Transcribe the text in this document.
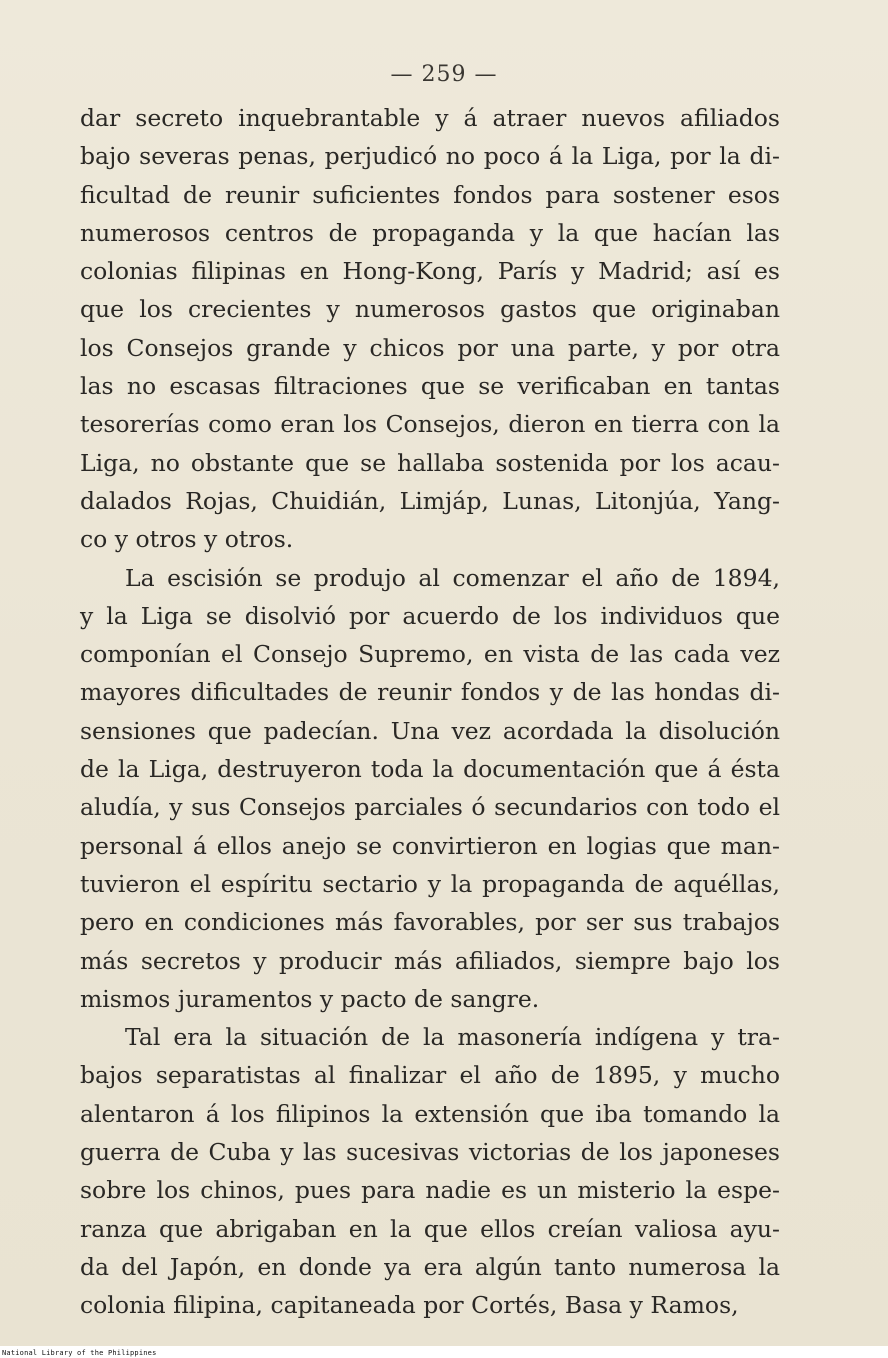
— 259 —
dar secreto inquebrantable y á atraer nuevos afiliados
bajo severas penas, perjudicó no poco á la Liga, por la di-
ficultad de reunir suficientes fondos para sostener esos
numerosos centros de propaganda y la que hacían las
colonias filipinas en Hong-Kong, París y Madrid; así es
que los crecientes y numerosos gastos que originaban
los Consejos grande y chicos por una parte, y por otra
las no escasas filtraciones que se verificaban en tantas
tesorerías como eran los Consejos, dieron en tierra con la
Liga, no obstante que se hallaba sostenida por los acau-
dalados Rojas, Chuidián, Limjáp, Lunas, Litonjúa, Yang-
co y otros y otros.
La escisión se produjo al comenzar el año de 1894,
y la Liga se disolvió por acuerdo de los individuos que
componían el Consejo Supremo, en vista de las cada vez
mayores dificultades de reunir fondos y de las hondas di-
sensiones que padecían. Una vez acordada la disolución
de la Liga, destruyeron toda la documentación que á ésta
aludía, y sus Consejos parciales ó secundarios con todo el
personal á ellos anejo se convirtieron en logias que man-
tuvieron el espíritu sectario y la propaganda de aquéllas,
pero en condiciones más favorables, por ser sus trabajos
más secretos y producir más afiliados, siempre bajo los
mismos juramentos y pacto de sangre.
Tal era la situación de la masonería indígena y tra-
bajos separatistas al finalizar el año de 1895, y mucho
alentaron á los filipinos la extensión que iba tomando la
guerra de Cuba y las sucesivas victorias de los japoneses
sobre los chinos, pues para nadie es un misterio la espe-
ranza que abrigaban en la que ellos creían valiosa ayu-
da del Japón, en donde ya era algún tanto numerosa la
colonia filipina, capitaneada por Cortés, Basa y Ramos,
National Library of the Philippines
